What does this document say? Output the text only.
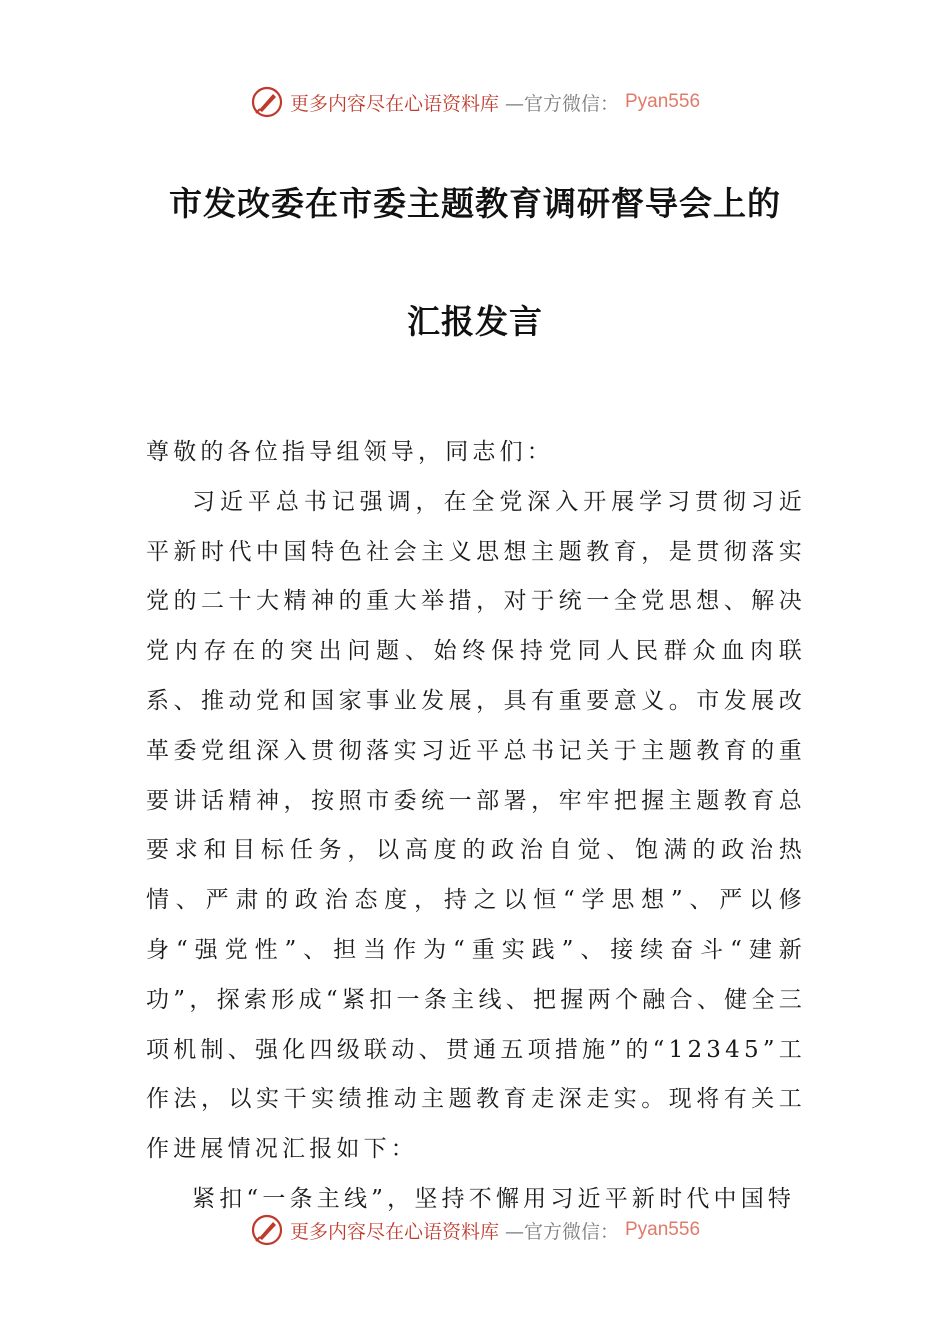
更多内容尽在心语资料库 —官方微信： Pyan556
市发改委在市委主题教育调研督导会上的
汇报发言

尊敬的各位指导组领导，同志们：

习近平总书记强调，在全党深入开展学习贯彻习近平新时代中国特色社会主义思想主题教育，是贯彻落实党的二十大精神的重大举措，对于统一全党思想、解决党内存在的突出问题、始终保持党同人民群众血肉联系、推动党和国家事业发展，具有重要意义。市发展改革委党组深入贯彻落实习近平总书记关于主题教育的重要讲话精神，按照市委统一部署，牢牢把握主题教育总要求和目标任务，以高度的政治自觉、饱满的政治热情、严肃的政治态度，持之以恒“学思想”、严以修身“强党性”、担当作为“重实践”、接续奋斗“建新功”，探索形成“紧扣一条主线、把握两个融合、健全三项机制、强化四级联动、贯通五项措施”的“12345”工作法，以实干实绩推动主题教育走深走实。现将有关工作进展情况汇报如下：

紧扣“一条主线”，坚持不懈用习近平新时代中国特

更多内容尽在心语资料库 —官方微信： Pyan556
